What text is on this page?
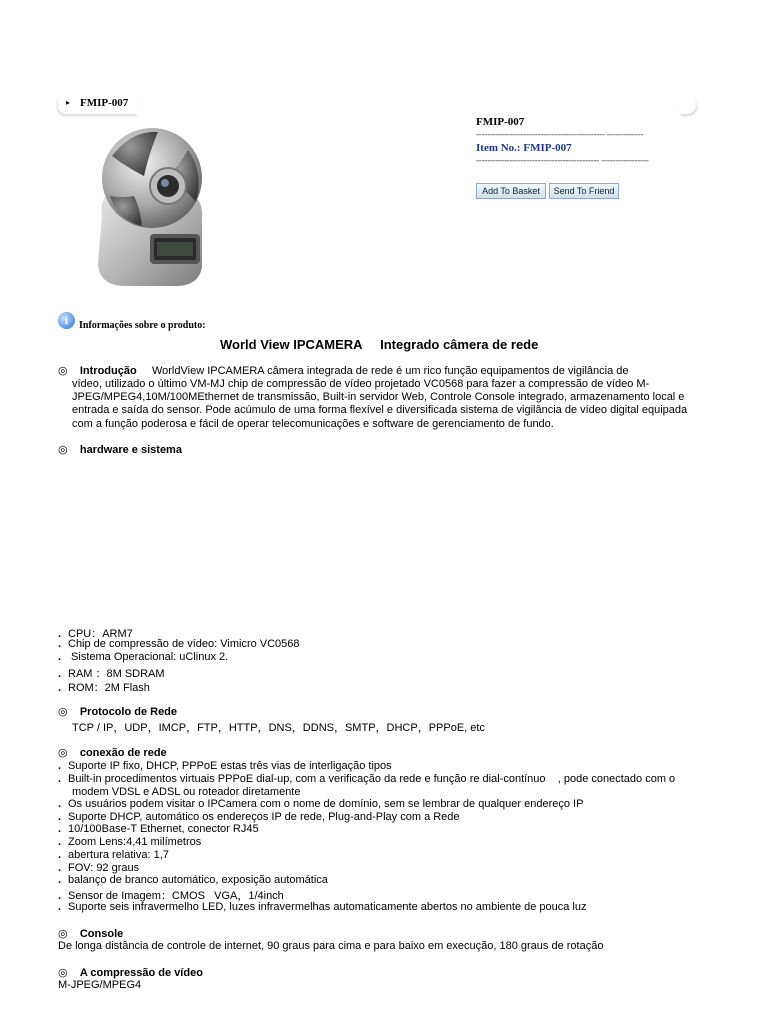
▸ FMIP-007
FMIP-007
---------------------------------------------- -------------
Item No.: FMIP-007
-------------------------------------------- -----------------
Add To Basket	Send To Friend
i	Informações sobre o produto:
World View IPCAMERA     Integrado câmera de rede
◎ Introdução WorldView IPCAMERA câmera integrada de rede é um rico função equipamentos de vigilância de
vídeo, utilizado o último VM-MJ chip de compressão de vídeo projetado VC0568 para fazer a compressão de vídeo M-JPEG/MPEG4,10M/100MEthernet de transmissão, Built-in servidor Web, Controle Console integrado, armazenamento local e entrada e saída do sensor. Pode acúmulo de uma forma flexível e diversificada sistema de vigilância de vídeo digital equipada com a função poderosa e fácil de operar telecomunicações e software de gerenciamento de fundo.
◎ hardware e sistema
. CPU：ARM7
. Chip de compressão de vídeo: Vimicro VC0568
. Sistema Operacional: uClinux 2.
. RAM ：8M SDRAM
. ROM：2M Flash
◎ Protocolo de Rede
TCP / IP，UDP，IMCP，FTP，HTTP，DNS，DDNS，SMTP，DHCP，PPPoE, etc
◎ conexão de rede
. Suporte IP fixo, DHCP, PPPoE estas três vias de interligação tipos
. Built-in procedimentos virtuais PPPoE dial-up, com a verificação da rede e função re dial-contínuo    , pode conectado com o
modem VDSL e ADSL ou roteador diretamente
. Os usuários podem visitar o IPCamera com o nome de domínio, sem se lembrar de qualquer endereço IP
. Suporte DHCP, automático os endereços IP de rede, Plug-and-Play com a Rede
. 10/100Base-T Ethernet, conector RJ45
. Zoom Lens:4,41 milímetros
. abertura relativa: 1,7
. FOV: 92 graus
. balanço de branco automático, exposição automática
. Sensor de Imagem：CMOS   VGA，1/4inch
. Suporte seis infravermelho LED, luzes infravermelhas automaticamente abertos no ambiente de pouca luz
◎ Console
De longa distância de controle de internet, 90 graus para cima e para baixo em execução, 180 graus de rotação
◎ A compressão de vídeo
M-JPEG/MPEG4
